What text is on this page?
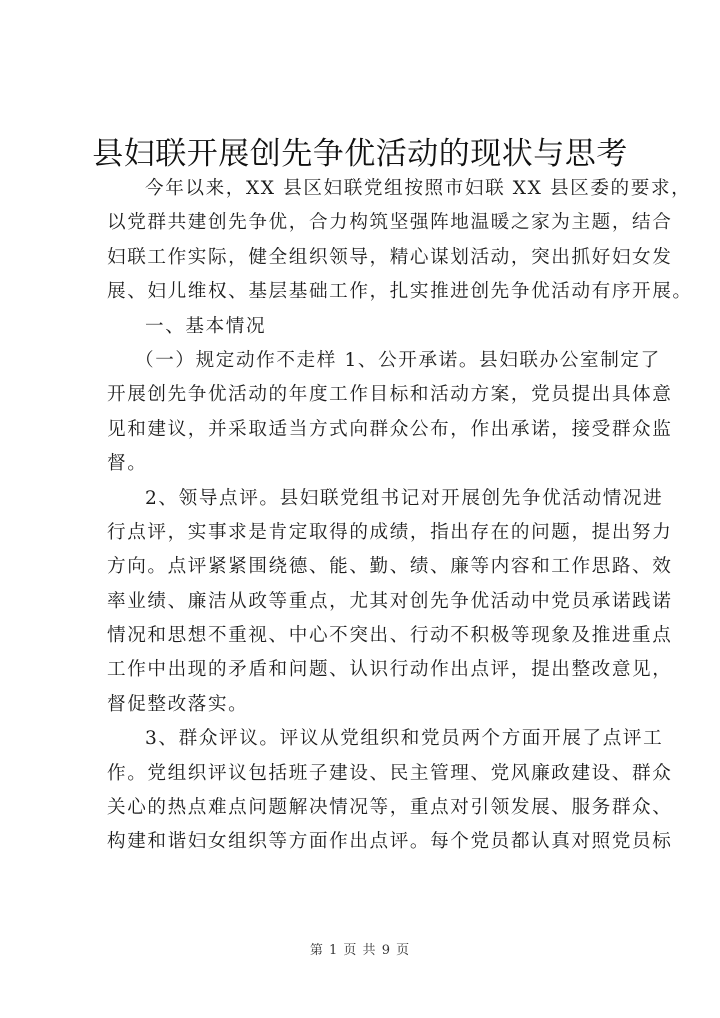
县妇联开展创先争优活动的现状与思考
今年以来，XX 县区妇联党组按照市妇联 XX 县区委的要求，
以党群共建创先争优，合力构筑坚强阵地温暖之家为主题，结合
妇联工作实际，健全组织领导，精心谋划活动，突出抓好妇女发
展、妇儿维权、基层基础工作，扎实推进创先争优活动有序开展。
一、基本情况
（一）规定动作不走样 1、公开承诺。县妇联办公室制定了
开展创先争优活动的年度工作目标和活动方案，党员提出具体意
见和建议，并采取适当方式向群众公布，作出承诺，接受群众监
督。
2、领导点评。县妇联党组书记对开展创先争优活动情况进
行点评，实事求是肯定取得的成绩，指出存在的问题，提出努力
方向。点评紧紧围绕德、能、勤、绩、廉等内容和工作思路、效
率业绩、廉洁从政等重点，尤其对创先争优活动中党员承诺践诺
情况和思想不重视、中心不突出、行动不积极等现象及推进重点
工作中出现的矛盾和问题、认识行动作出点评，提出整改意见，
督促整改落实。
3、群众评议。评议从党组织和党员两个方面开展了点评工
作。党组织评议包括班子建设、民主管理、党风廉政建设、群众
关心的热点难点问题解决情况等，重点对引领发展、服务群众、
构建和谐妇女组织等方面作出点评。每个党员都认真对照党员标
第 1 页 共 9 页
